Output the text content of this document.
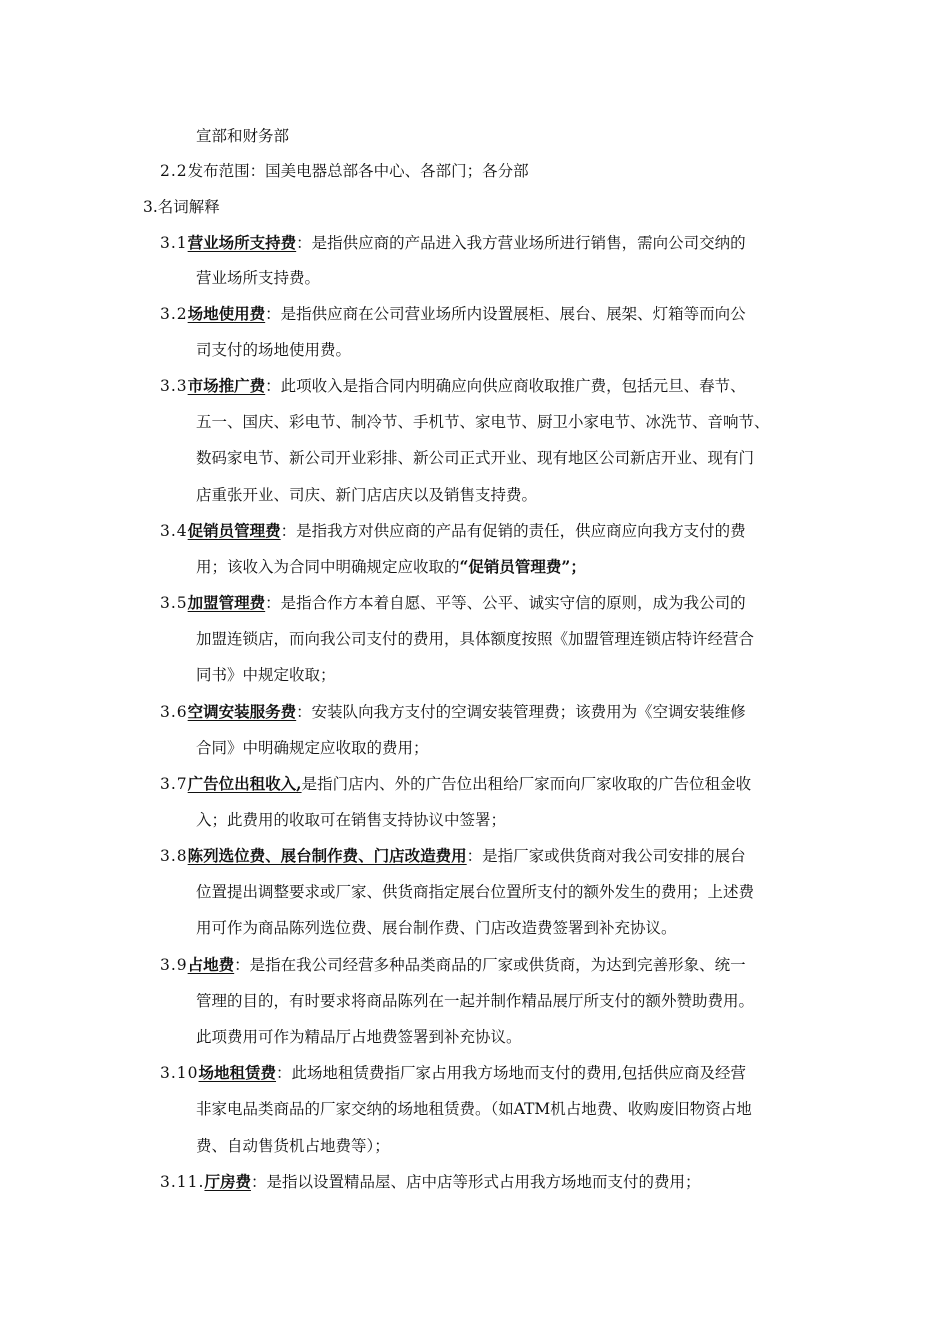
宣部和财务部
2.2发布范围：国美电器总部各中心、各部门；各分部
3.名词解释
3.1营业场所支持费：是指供应商的产品进入我方营业场所进行销售，需向公司交纳的
营业场所支持费。
3.2场地使用费：是指供应商在公司营业场所内设置展柜、展台、展架、灯箱等而向公
司支付的场地使用费。
3.3市场推广费：此项收入是指合同内明确应向供应商收取推广费，包括元旦、春节、
五一、国庆、彩电节、制冷节、手机节、家电节、厨卫小家电节、冰洗节、音响节、
数码家电节、新公司开业彩排、新公司正式开业、现有地区公司新店开业、现有门
店重张开业、司庆、新门店店庆以及销售支持费。
3.4促销员管理费：是指我方对供应商的产品有促销的责任，供应商应向我方支付的费
用；该收入为合同中明确规定应收取的“促销员管理费”；
3.5加盟管理费：是指合作方本着自愿、平等、公平、诚实守信的原则，成为我公司的
加盟连锁店，而向我公司支付的费用，具体额度按照《加盟管理连锁店特许经营合
同书》中规定收取；
3.6空调安装服务费：安装队向我方支付的空调安装管理费；该费用为《空调安装维修
合同》中明确规定应收取的费用；
3.7广告位出租收入,是指门店内、外的广告位出租给厂家而向厂家收取的广告位租金收
入；此费用的收取可在销售支持协议中签署；
3.8陈列选位费、展台制作费、门店改造费用：是指厂家或供货商对我公司安排的展台
位置提出调整要求或厂家、供货商指定展台位置所支付的额外发生的费用；上述费
用可作为商品陈列选位费、展台制作费、门店改造费签署到补充协议。
3.9占地费：是指在我公司经营多种品类商品的厂家或供货商，为达到完善形象、统一
管理的目的，有时要求将商品陈列在一起并制作精品展厅所支付的额外赞助费用。
此项费用可作为精品厅占地费签署到补充协议。
3.10场地租赁费：此场地租赁费指厂家占用我方场地而支付的费用,包括供应商及经营
非家电品类商品的厂家交纳的场地租赁费。（如ATM机占地费、收购废旧物资占地
费、自动售货机占地费等）；
3.11.厅房费：是指以设置精品屋、店中店等形式占用我方场地而支付的费用；
